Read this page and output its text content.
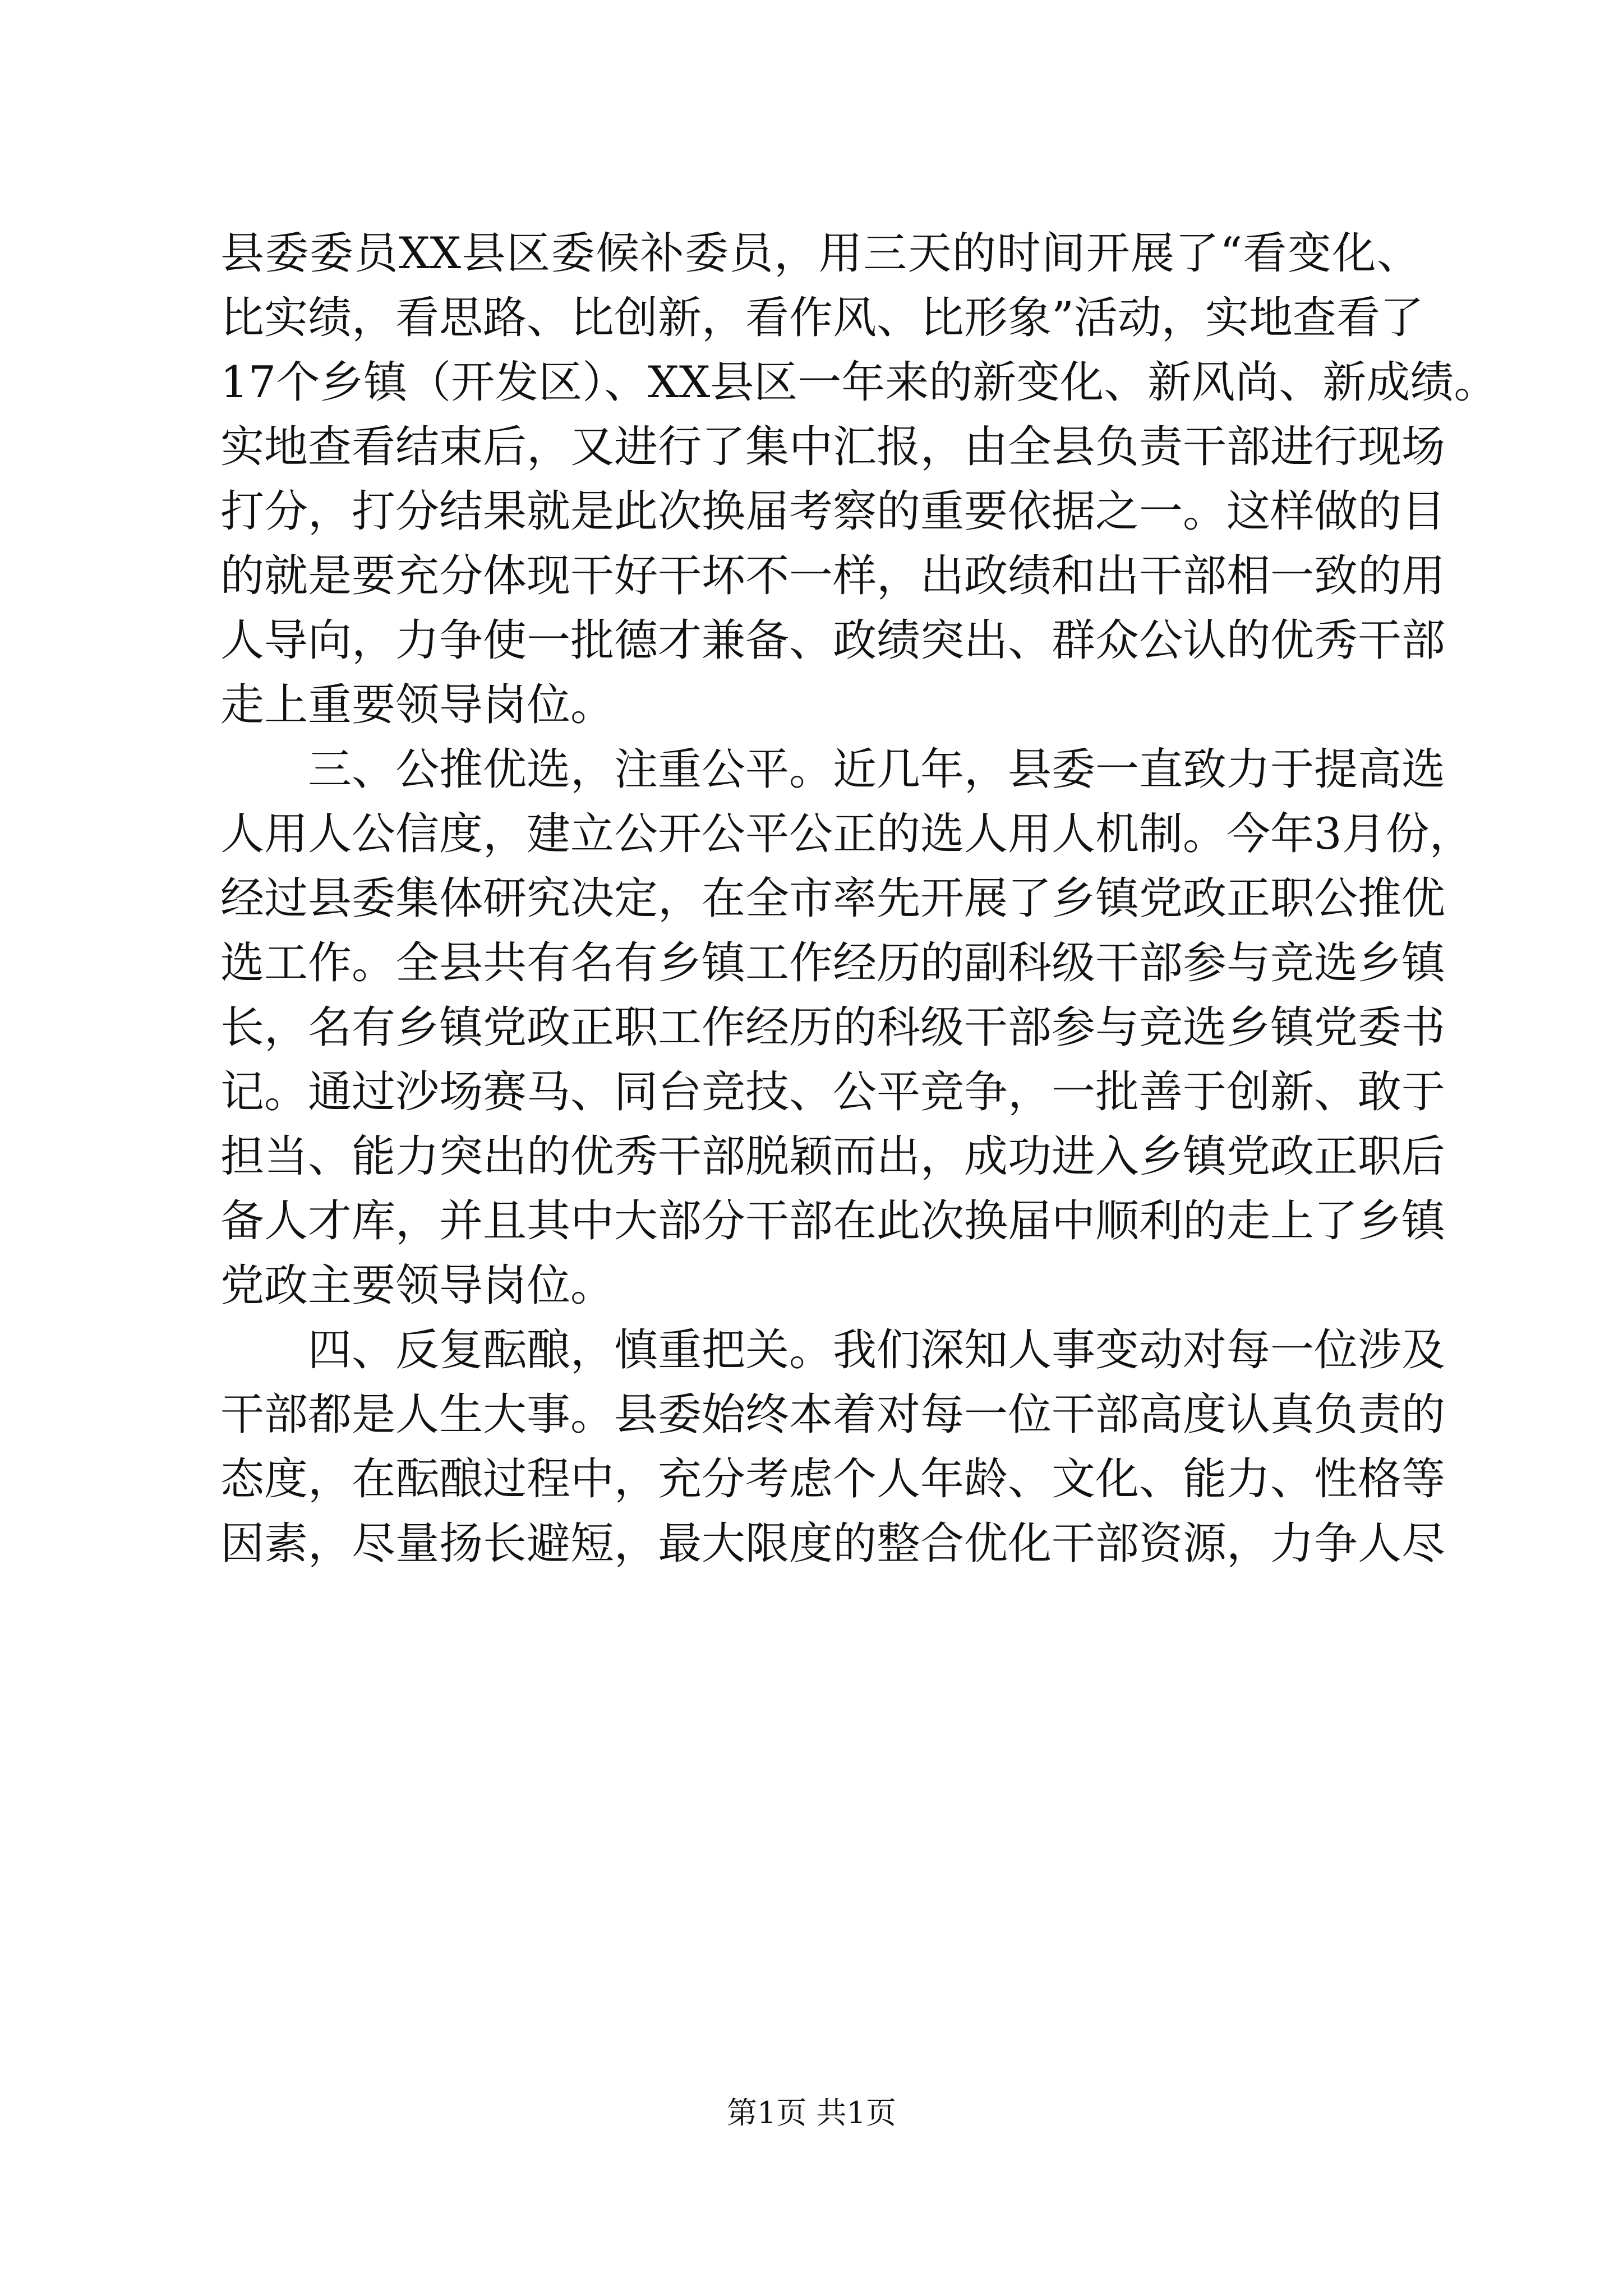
县委委员XX县区委候补委员，用三天的时间开展了“看变化、
比实绩，看思路、比创新，看作风、比形象”活动，实地查看了
17个乡镇（开发区）、XX县区一年来的新变化、新风尚、新成绩。
实地查看结束后，又进行了集中汇报，由全县负责干部进行现场
打分，打分结果就是此次换届考察的重要依据之一。这样做的目
的就是要充分体现干好干坏不一样，出政绩和出干部相一致的用
人导向，力争使一批德才兼备、政绩突出、群众公认的优秀干部
走上重要领导岗位。
三、公推优选，注重公平。近几年，县委一直致力于提高选
人用人公信度，建立公开公平公正的选人用人机制。今年3月份，
经过县委集体研究决定，在全市率先开展了乡镇党政正职公推优
选工作。全县共有名有乡镇工作经历的副科级干部参与竞选乡镇
长，名有乡镇党政正职工作经历的科级干部参与竞选乡镇党委书
记。通过沙场赛马、同台竞技、公平竞争，一批善于创新、敢于
担当、能力突出的优秀干部脱颖而出，成功进入乡镇党政正职后
备人才库，并且其中大部分干部在此次换届中顺利的走上了乡镇
党政主要领导岗位。
四、反复酝酿，慎重把关。我们深知人事变动对每一位涉及
干部都是人生大事。县委始终本着对每一位干部高度认真负责的
态度，在酝酿过程中，充分考虑个人年龄、文化、能力、性格等
因素，尽量扬长避短，最大限度的整合优化干部资源，力争人尽
第1页 共1页
